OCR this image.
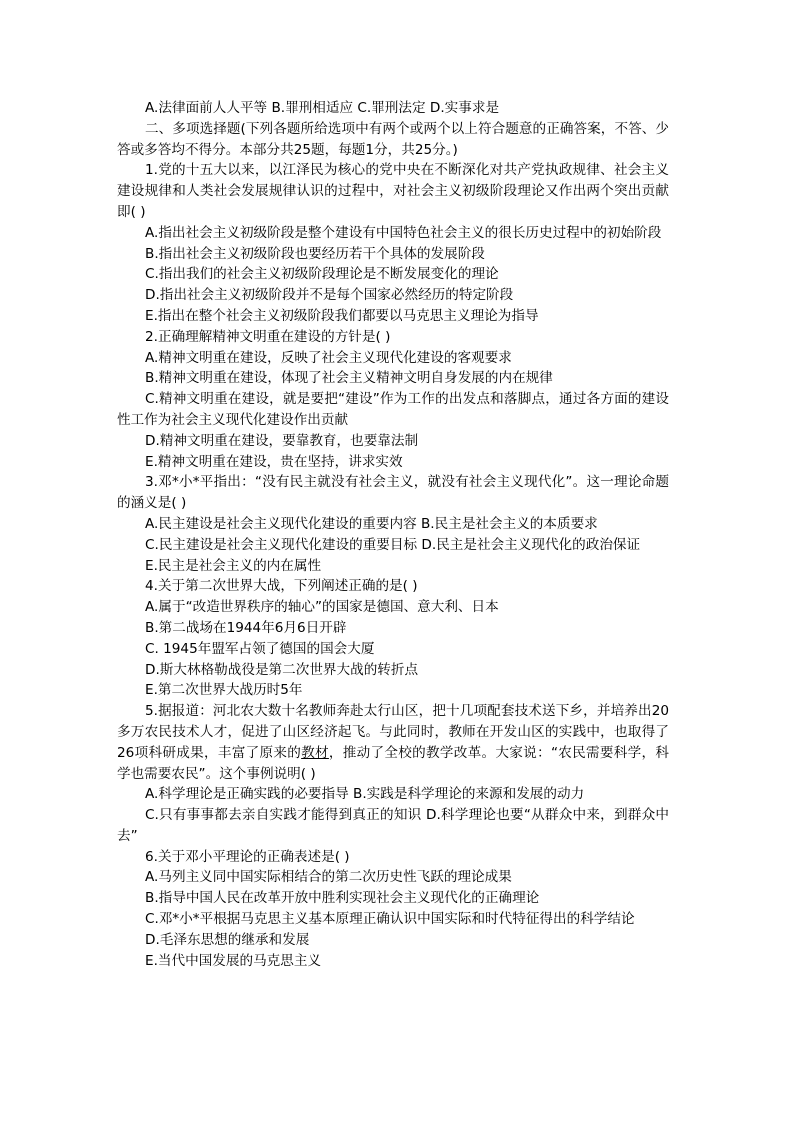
A.法律面前人人平等 B.罪刑相适应 C.罪刑法定 D.实事求是

二、多项选择题(下列各题所给选项中有两个或两个以上符合题意的正确答案，不答、少答或多答均不得分。本部分共25题，每题1分，共25分。)

1.党的十五大以来，以江泽民为核心的党中央在不断深化对共产党执政规律、社会主义建设规律和人类社会发展规律认识的过程中，对社会主义初级阶段理论又作出两个突出贡献即( )

A.指出社会主义初级阶段是整个建设有中国特色社会主义的很长历史过程中的初始阶段

B.指出社会主义初级阶段也要经历若干个具体的发展阶段

C.指出我们的社会主义初级阶段理论是不断发展变化的理论

D.指出社会主义初级阶段并不是每个国家必然经历的特定阶段

E.指出在整个社会主义初级阶段我们都要以马克思主义理论为指导

2.正确理解精神文明重在建设的方针是( )

A.精神文明重在建设，反映了社会主义现代化建设的客观要求

B.精神文明重在建设，体现了社会主义精神文明自身发展的内在规律

C.精神文明重在建设，就是要把“建设”作为工作的出发点和落脚点，通过各方面的建设性工作为社会主义现代化建设作出贡献

D.精神文明重在建设，要靠教育，也要靠法制

E.精神文明重在建设，贵在坚持，讲求实效

3.邓*小*平指出：“没有民主就没有社会主义，就没有社会主义现代化”。这一理论命题的涵义是( )

A.民主建设是社会主义现代化建设的重要内容 B.民主是社会主义的本质要求

C.民主建设是社会主义现代化建设的重要目标 D.民主是社会主义现代化的政治保证

E.民主是社会主义的内在属性

4.关于第二次世界大战，下列阐述正确的是( )

A.属于“改造世界秩序的轴心”的国家是德国、意大利、日本

B.第二战场在1944年6月6日开辟

C. 1945年盟军占领了德国的国会大厦

D.斯大林格勒战役是第二次世界大战的转折点

E.第二次世界大战历时5年

5.据报道：河北农大数十名教师奔赴太行山区，把十几项配套技术送下乡，并培养出20多万农民技术人才，促进了山区经济起飞。与此同时，教师在开发山区的实践中，也取得了26项科研成果，丰富了原来的教材，推动了全校的教学改革。大家说：“农民需要科学，科学也需要农民”。这个事例说明( )

A.科学理论是正确实践的必要指导 B.实践是科学理论的来源和发展的动力

C.只有事事都去亲自实践才能得到真正的知识 D.科学理论也要“从群众中来，到群众中去”

6.关于邓小平理论的正确表述是( )

A.马列主义同中国实际相结合的第二次历史性飞跃的理论成果

B.指导中国人民在改革开放中胜利实现社会主义现代化的正确理论

C.邓*小*平根据马克思主义基本原理正确认识中国实际和时代特征得出的科学结论

D.毛泽东思想的继承和发展

E.当代中国发展的马克思主义
